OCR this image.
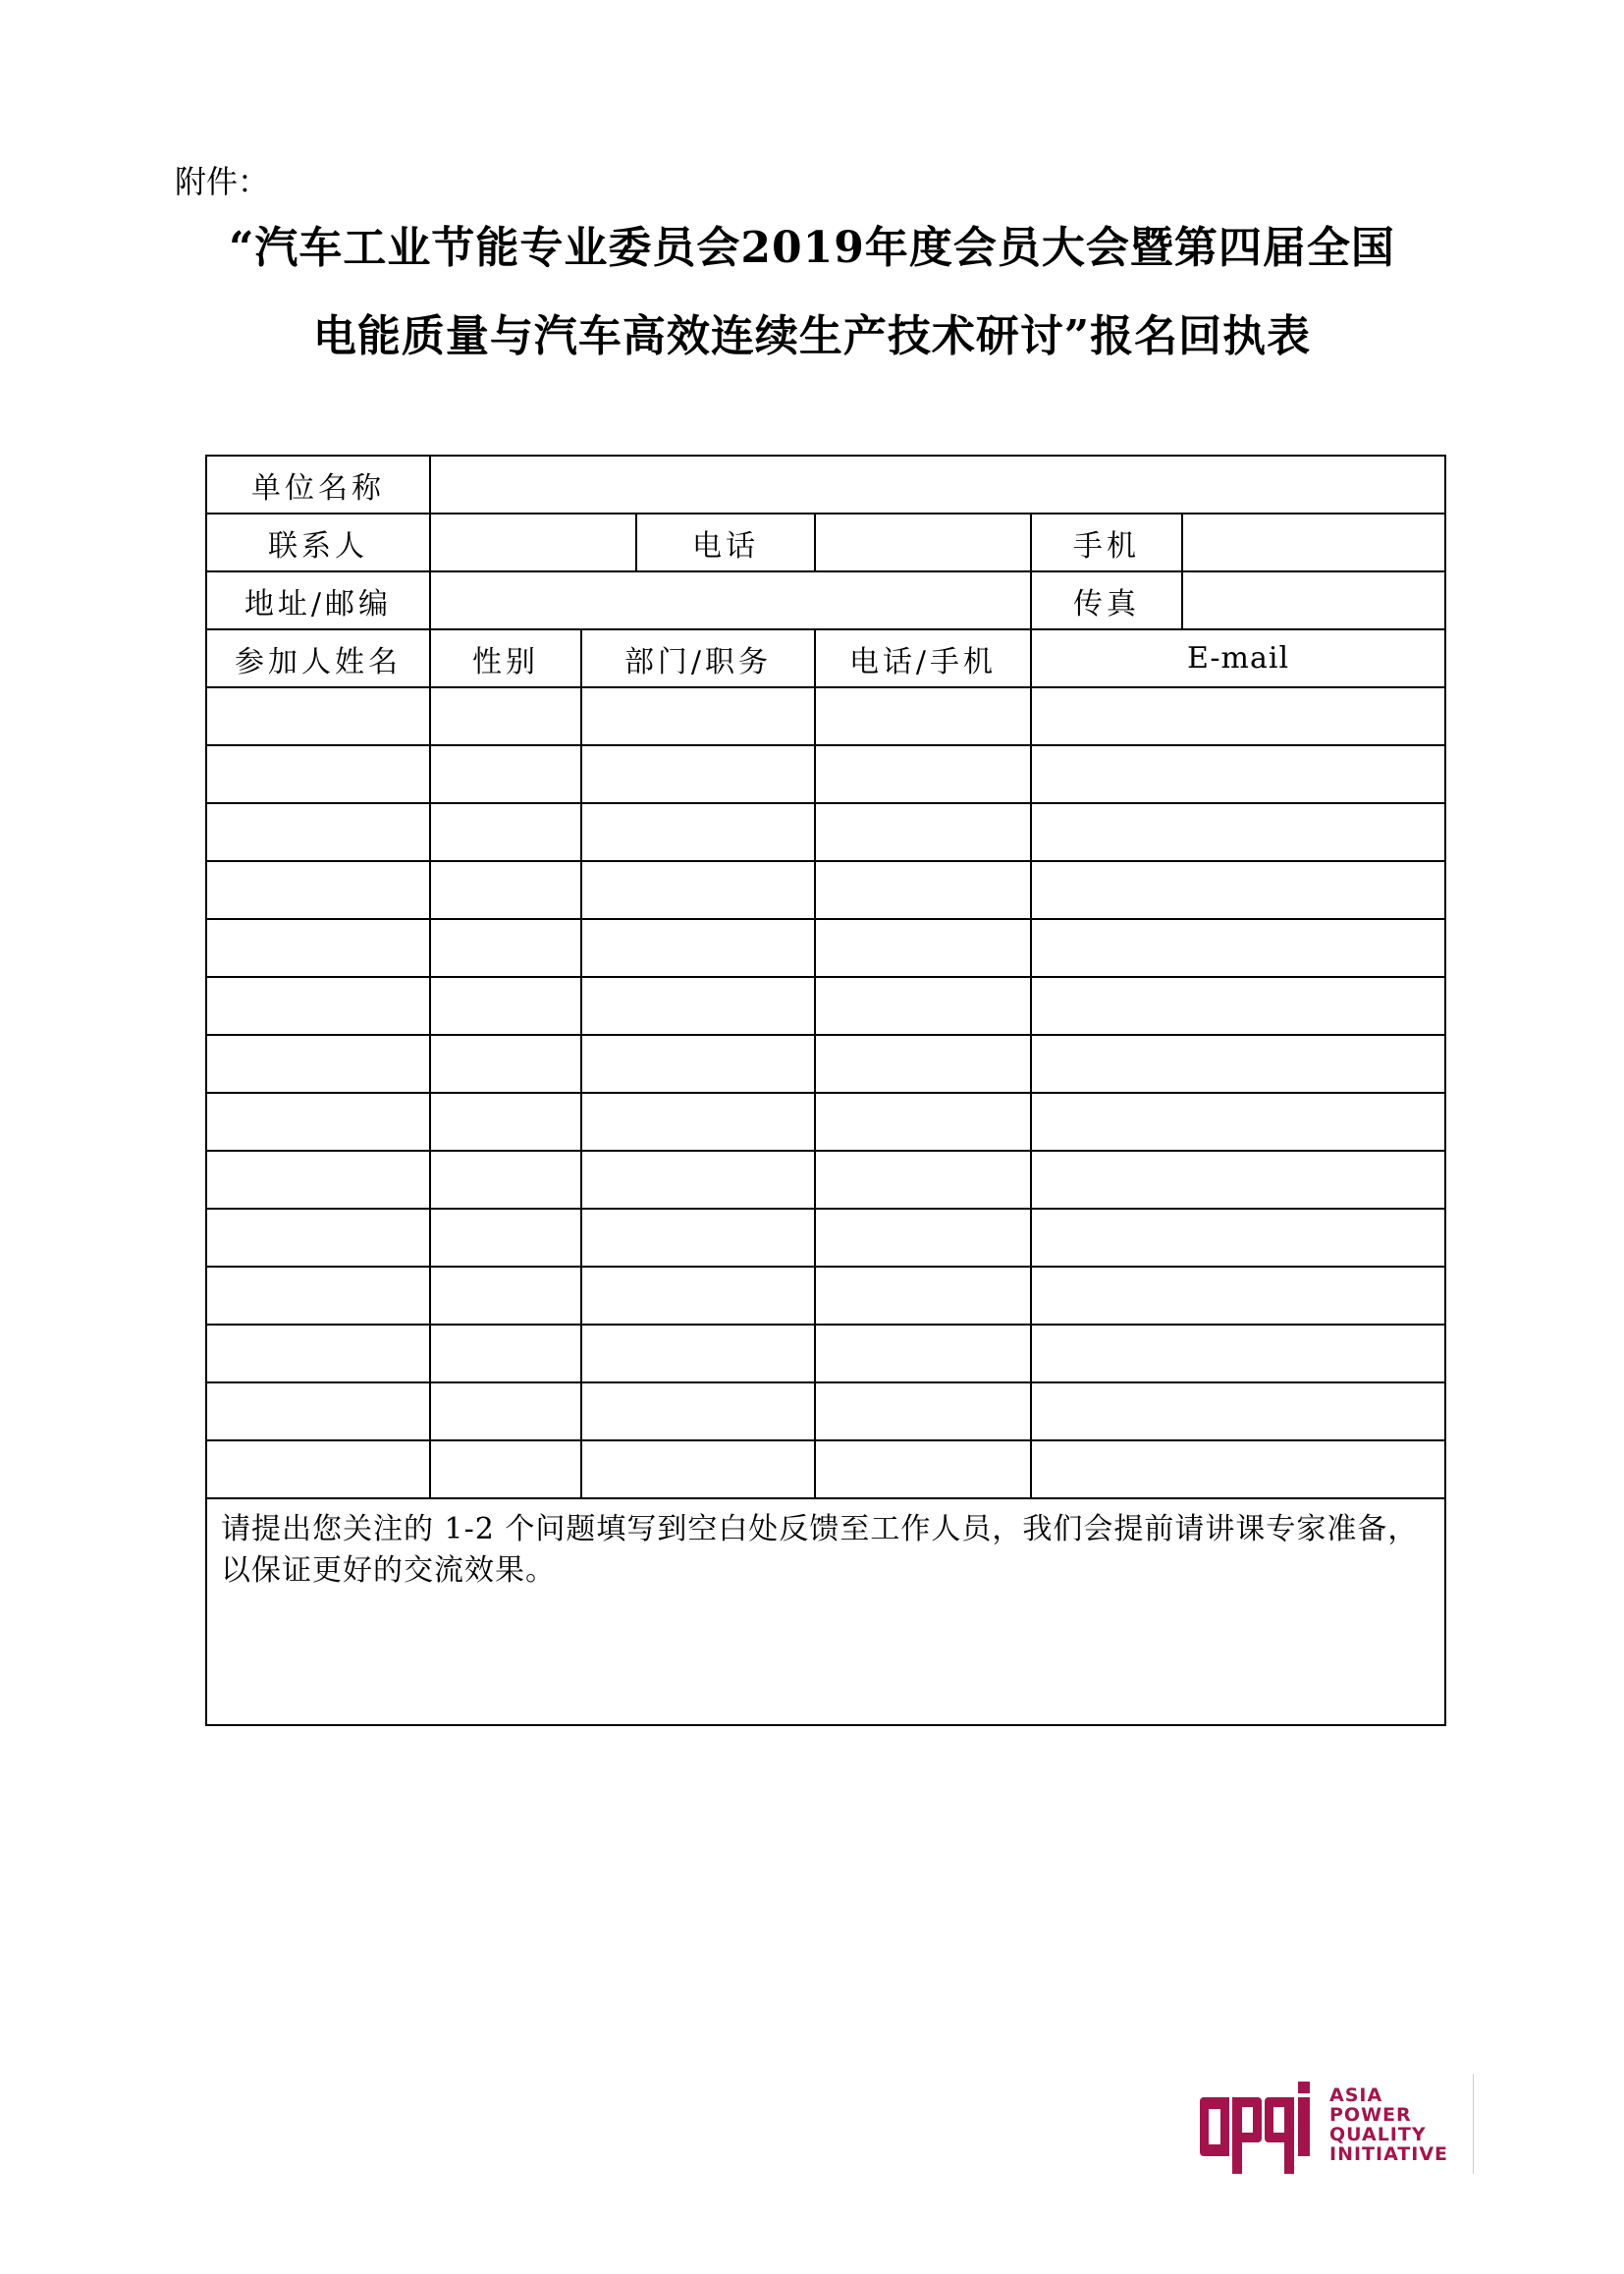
附件：
“汽车工业节能专业委员会2019年度会员大会暨第四届全国
电能质量与汽车高效连续生产技术研讨”报名回执表
单位名称						
联系人			电话		手机	
地址/邮编					传真	
参加人姓名	性别	部门/职务		电话/手机	E-mail	

请提出您关注的 1-2 个问题填写到空白处反馈至工作人员，我们会提前请讲课专家准备，以保证更好的交流效果。						
ASIA
POWER
QUALITY
INITIATIVE
